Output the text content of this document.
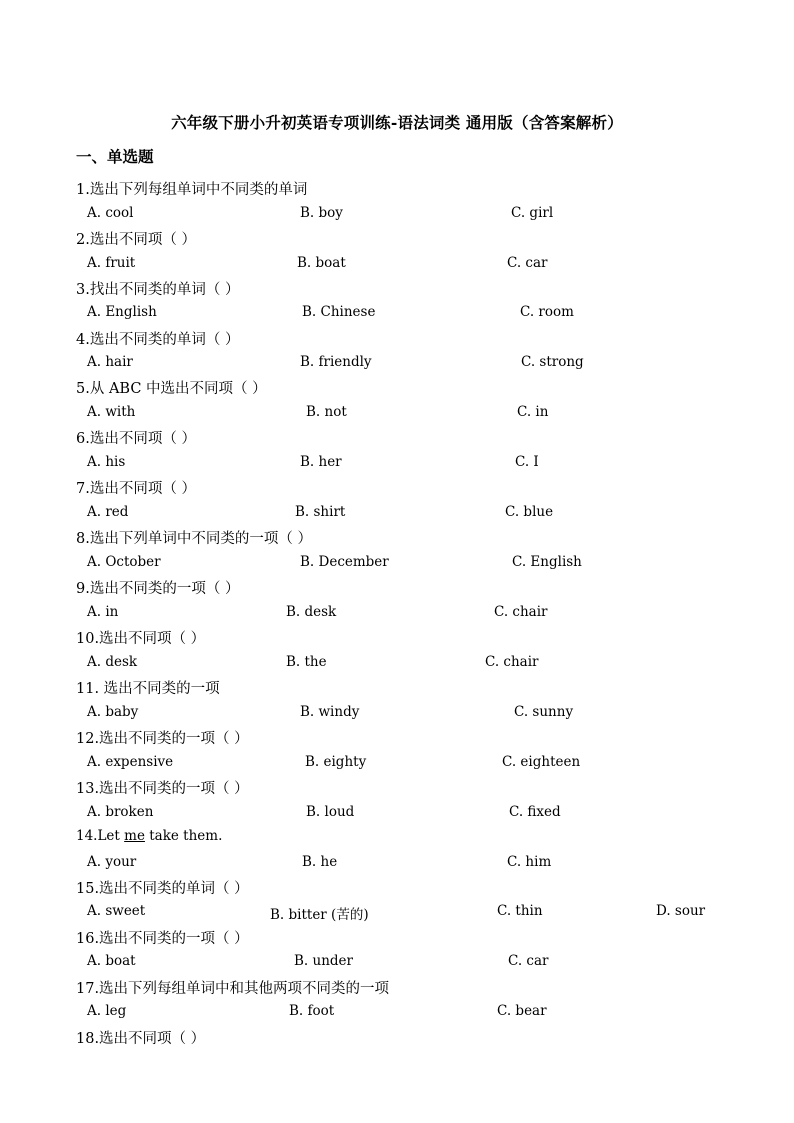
六年级下册小升初英语专项训练-语法词类 通用版（含答案解析）
一、单选题
1.选出下列每组单词中不同类的单词
A. cool	B. boy	C. girl
2.选出不同项（ ）
A. fruit	B. boat	C. car
3.找出不同类的单词（ ）
A. English	B. Chinese	C. room
4.选出不同类的单词（ ）
A. hair	B. friendly	C. strong
5.从 ABC 中选出不同项（ ）
A. with	B. not	C. in
6.选出不同项（ ）
A. his	B. her	C. I
7.选出不同项（ ）
A. red	B. shirt	C. blue
8.选出下列单词中不同类的一项（ ）
A. October	B. December	C. English
9.选出不同类的一项（ ）
A. in	B. desk	C. chair
10.选出不同项（ ）
A. desk	B. the	C. chair
11. 选出不同类的一项
A. baby	B. windy	C. sunny
12.选出不同类的一项（ ）
A. expensive	B. eighty	C. eighteen
13.选出不同类的一项（ ）
A. broken	B. loud	C. fixed
14.Let me take them.
A. your	B. he	C. him
15.选出不同类的单词（ ）
A. sweet	B. bitter (苦的)	C. thin	D. sour
16.选出不同类的一项（ ）
A. boat	B. under	C. car
17.选出下列每组单词中和其他两项不同类的一项
A. leg	B. foot	C. bear
18.选出不同项（ ）
